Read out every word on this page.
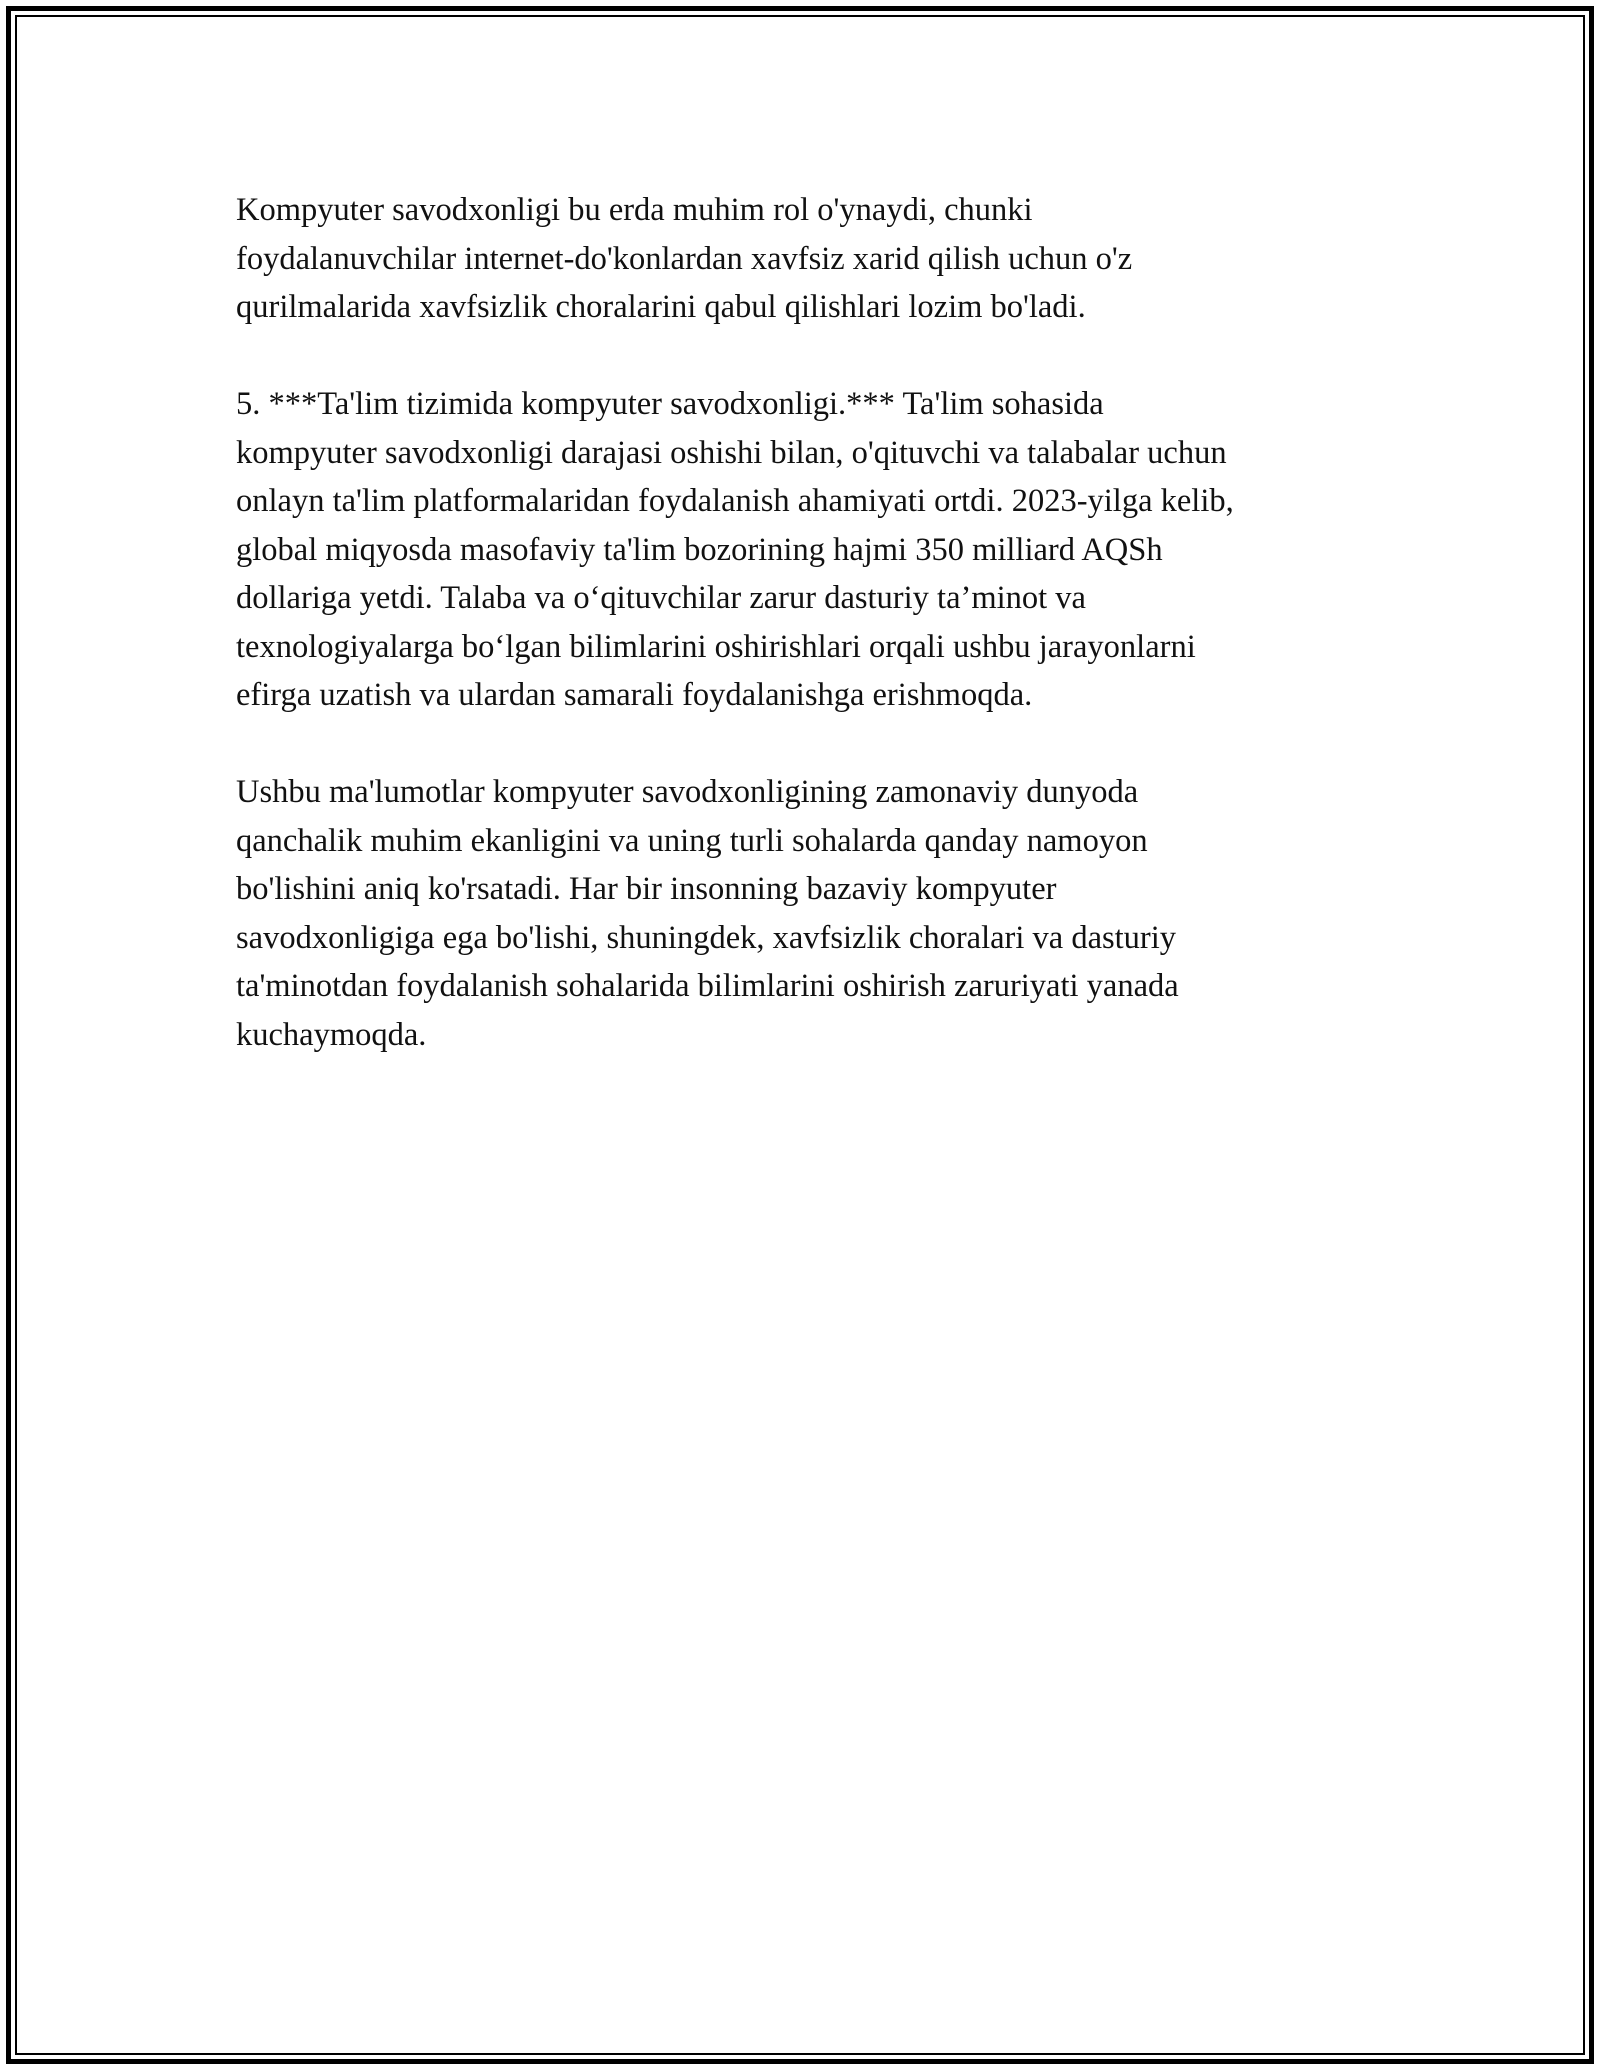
Kompyuter savodxonligi bu erda muhim rol o'ynaydi, chunki
foydalanuvchilar internet-do'konlardan xavfsiz xarid qilish uchun o'z
qurilmalarida xavfsizlik choralarini qabul qilishlari lozim bo'ladi.

5. ***Ta'lim tizimida kompyuter savodxonligi.*** Ta'lim sohasida
kompyuter savodxonligi darajasi oshishi bilan, o'qituvchi va talabalar uchun
onlayn ta'lim platformalaridan foydalanish ahamiyati ortdi. 2023-yilga kelib,
global miqyosda masofaviy ta'lim bozorining hajmi 350 milliard AQSh
dollariga yetdi. Talaba va o‘qituvchilar zarur dasturiy ta’minot va
texnologiyalarga bo‘lgan bilimlarini oshirishlari orqali ushbu jarayonlarni
efirga uzatish va ulardan samarali foydalanishga erishmoqda.

Ushbu ma'lumotlar kompyuter savodxonligining zamonaviy dunyoda
qanchalik muhim ekanligini va uning turli sohalarda qanday namoyon
bo'lishini aniq ko'rsatadi. Har bir insonning bazaviy kompyuter
savodxonligiga ega bo'lishi, shuningdek, xavfsizlik choralari va dasturiy
ta'minotdan foydalanish sohalarida bilimlarini oshirish zaruriyati yanada
kuchaymoqda.
